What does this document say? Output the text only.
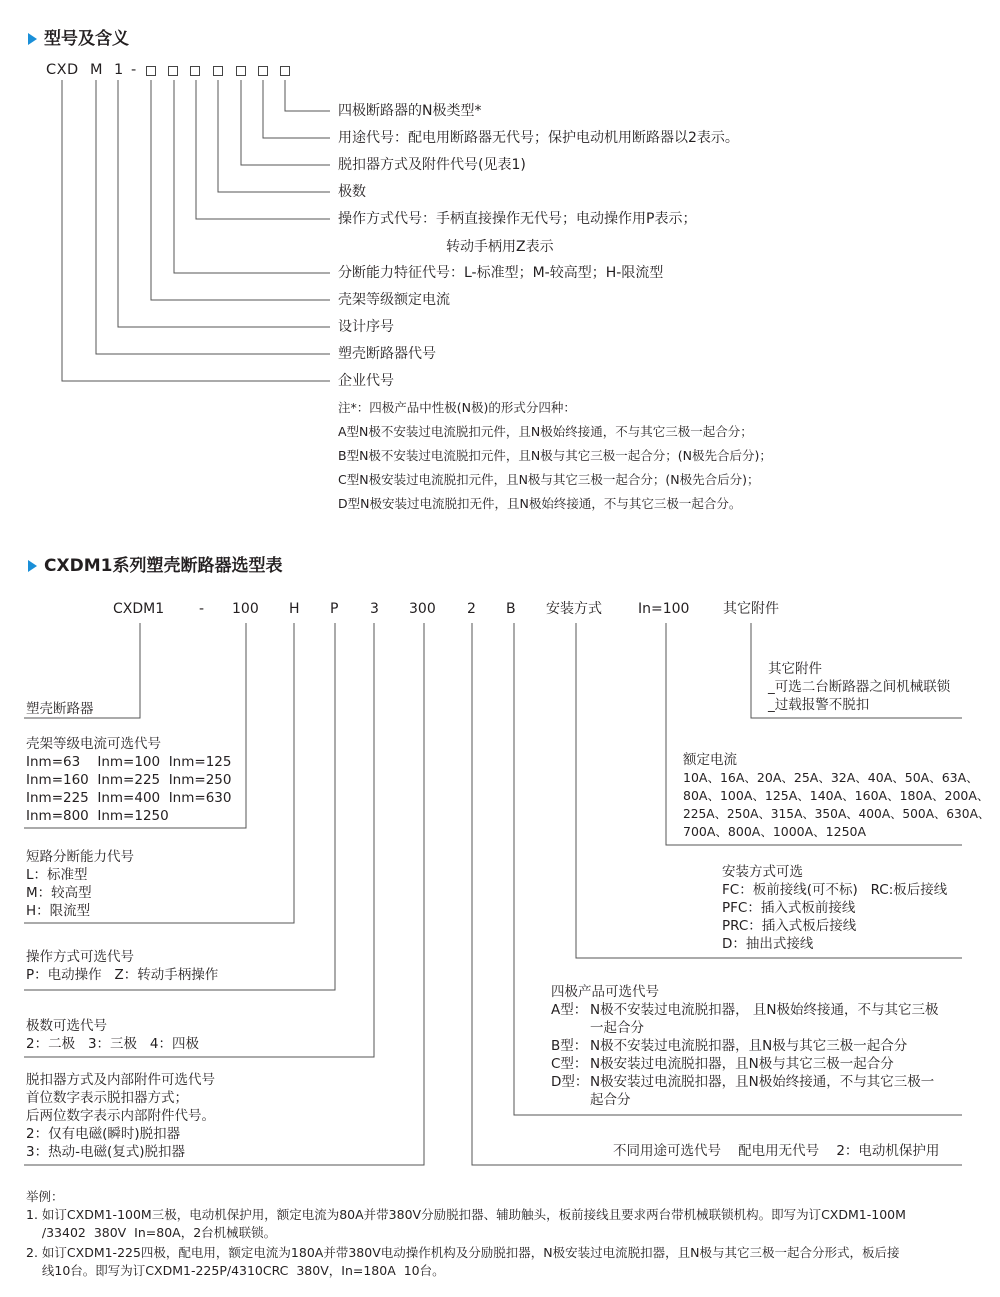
型号及含义
CXD M 1 -
四极断路器的N极类型*
用途代号：配电用断路器无代号；保护电动机用断路器以2表示。
脱扣器方式及附件代号(见表1)
极数
操作方式代号：手柄直接操作无代号；电动操作用P表示；
转动手柄用Z表示
分断能力特征代号：L-标准型；M-较高型；H-限流型
壳架等级额定电流
设计序号
塑壳断路器代号
企业代号
注*：四极产品中性极(N极)的形式分四种：
A型N极不安装过电流脱扣元件，且N极始终接通，不与其它三极一起合分；
B型N极不安装过电流脱扣元件，且N极与其它三极一起合分；(N极先合后分)；
C型N极安装过电流脱扣元件，且N极与其它三极一起合分；(N极先合后分)；
D型N极安装过电流脱扣无件，且N极始终接通，不与其它三极一起合分。
CXDM1系列塑壳断路器选型表
CXDM1 - 100 H P 3 300 2 B 安装方式	In=100 其它附件
塑壳断路器
壳架等级电流可选代号
Inm=63    Inm=100  Inm=125
Inm=160  Inm=225  Inm=250
Inm=225  Inm=400  Inm=630
Inm=800  Inm=1250
短路分断能力代号
L：标准型
M：较高型
H：限流型
操作方式可选代号
P：电动操作   Z：转动手柄操作
极数可选代号
2：二极   3：三极   4：四极
脱扣器方式及内部附件可选代号
首位数字表示脱扣器方式；
后两位数字表示内部附件代号。
2：仅有电磁(瞬时)脱扣器
3：热动-电磁(复式)脱扣器
其它附件
_可选二台断路器之间机械联锁
_过载报警不脱扣
额定电流
10A、16A、20A、25A、32A、40A、50A、63A、
80A、100A、125A、140A、160A、180A、200A、
225A、250A、315A、350A、400A、500A、630A、
700A、800A、1000A、1250A
安装方式可选
FC：板前接线(可不标)   RC:板后接线
PFC：插入式板前接线
PRC：插入式板后接线
D：抽出式接线
四极产品可选代号
A型： N极不安装过电流脱扣器， 且N极始终接通，不与其它三极
一起合分
B型： N极不安装过电流脱扣器，且N极与其它三极一起合分
C型： N极安装过电流脱扣器，且N极与其它三极一起合分
D型： N极安装过电流脱扣器，且N极始终接通，不与其它三极一
起合分
不同用途可选代号    配电用无代号    2：电动机保护用
举例：
1. 如订CXDM1-100M三极，电动机保护用，额定电流为80A并带380V分励脱扣器、辅助触头，板前接线且要求两台带机械联锁机构。即写为订CXDM1-100M
/33402  380V  In=80A，2台机械联锁。
2. 如订CXDM1-225四极，配电用，额定电流为180A并带380V电动操作机构及分励脱扣器，N极安装过电流脱扣器，且N极与其它三极一起合分形式，板后接
线10台。即写为订CXDM1-225P/4310CRC  380V，In=180A  10台。
